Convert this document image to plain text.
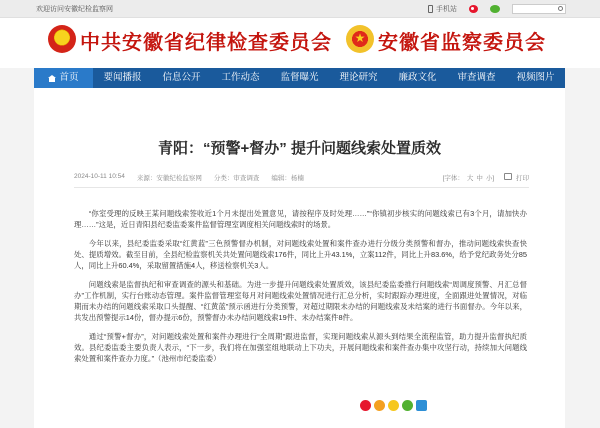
欢迎访问安徽纪检监察网	手机站
☭ 中共安徽省纪律检查委员会	★ 安徽省监察委员会
首页	要闻播报	信息公开	工作动态	监督曝光	理论研究	廉政文化	审查调查	视频图片
青阳：“预警+督办” 提升问题线索处置质效
2024-10-11 10:54 来源：安徽纪检监察网 分类：审查调查 编辑：杨楠	[字体： 大 中 小]	打印

“你室受理的反映王某问题线索签收近1个月未提出处置意见，请按程序及时处理……”“你镇初步核实的问题线索已有3个月，请加快办理……”这是，近日青阳县纪委监委案件监督管理室调度相关问题线索时的场景。

今年以来，县纪委监委采取“红黄蓝”三色预警督办机制，对问题线索处置和案件查办进行分级分类预警和督办，推动问题线索快查快处、提质增效。截至目前，全县纪检监察机关共处置问题线索176件，同比上升43.1%，立案112件，同比上升83.6%，给予党纪政务处分85人，同比上升60.4%，采取留置措施4人，移送检察机关3人。

问题线索是监督执纪和审查调查的源头和基础。为进一步提升问题线索处置质效，该县纪委监委推行问题线索“周调度预警、月汇总督办”工作机制，实行台账动态管理。案件监督管理室每月对问题线索处置情况进行汇总分析，实时跟踪办理进度，全面跟进处置情况，对临期而未办结的问题线索采取口头提醒、“红黄蓝”预示函进行分类预警，对超过期限未办结的问题线索及未结案的进行书面督办。今年以来，共发出预警提示14份，督办提示6份，预警督办未办结问题线索19件、未办结案件8件。

通过“预警+督办”，对问题线索处置和案件办理进行“全周期”跟进监督，实现问题线索从源头到结果全流程监管，助力提升监督执纪质效。县纪委监委主要负责人表示，“下一步，我们将在加强室组地联动上下功夫，开展问题线索和案件查办集中攻坚行动，持续加大问题线索处置和案件查办力度。”（池州市纪委监委）
